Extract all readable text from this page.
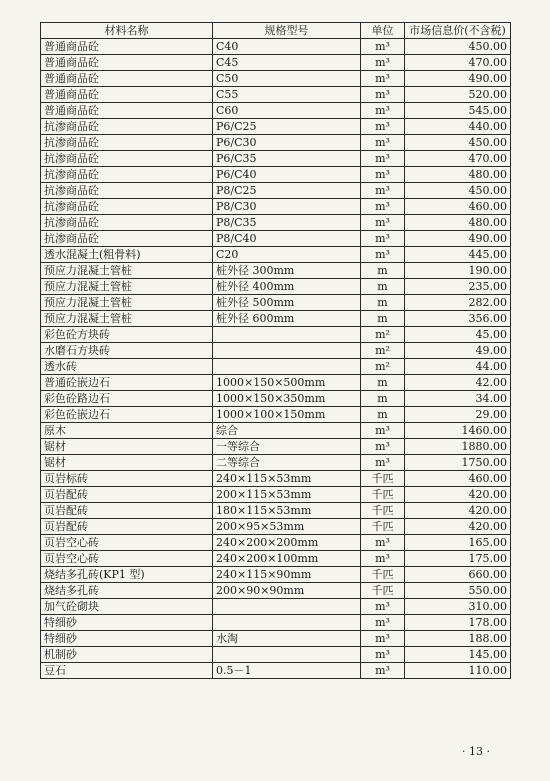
材料名称	规格型号	单位	市场信息价(不含税)
普通商品砼	C40	m³	450.00
普通商品砼	C45	m³	470.00
普通商品砼	C50	m³	490.00
普通商品砼	C55	m³	520.00
普通商品砼	C60	m³	545.00
抗渗商品砼	P6/C25	m³	440.00
抗渗商品砼	P6/C30	m³	450.00
抗渗商品砼	P6/C35	m³	470.00
抗渗商品砼	P6/C40	m³	480.00
抗渗商品砼	P8/C25	m³	450.00
抗渗商品砼	P8/C30	m³	460.00
抗渗商品砼	P8/C35	m³	480.00
抗渗商品砼	P8/C40	m³	490.00
透水混凝土(粗骨料)	C20	m³	445.00
预应力混凝土管桩	桩外径 300mm	m	190.00
预应力混凝土管桩	桩外径 400mm	m	235.00
预应力混凝土管桩	桩外径 500mm	m	282.00
预应力混凝土管桩	桩外径 600mm	m	356.00
彩色砼方块砖		m²	45.00
水磨石方块砖		m²	49.00
透水砖		m²	44.00
普通砼嵌边石	1000×150×500mm	m	42.00
彩色砼路边石	1000×150×350mm	m	34.00
彩色砼嵌边石	1000×100×150mm	m	29.00
原木	综合	m³	1460.00
锯材	一等综合	m³	1880.00
锯材	二等综合	m³	1750.00
页岩标砖	240×115×53mm	千匹	460.00
页岩配砖	200×115×53mm	千匹	420.00
页岩配砖	180×115×53mm	千匹	420.00
页岩配砖	200×95×53mm	千匹	420.00
页岩空心砖	240×200×200mm	m³	165.00
页岩空心砖	240×200×100mm	m³	175.00
烧结多孔砖(KP1 型)	240×115×90mm	千匹	660.00
烧结多孔砖	200×90×90mm	千匹	550.00
加气砼砌块		m³	310.00
特细砂		m³	178.00
特细砂	水淘	m³	188.00
机制砂		m³	145.00
豆石	0.5－1	m³	110.00
· 13 ·
